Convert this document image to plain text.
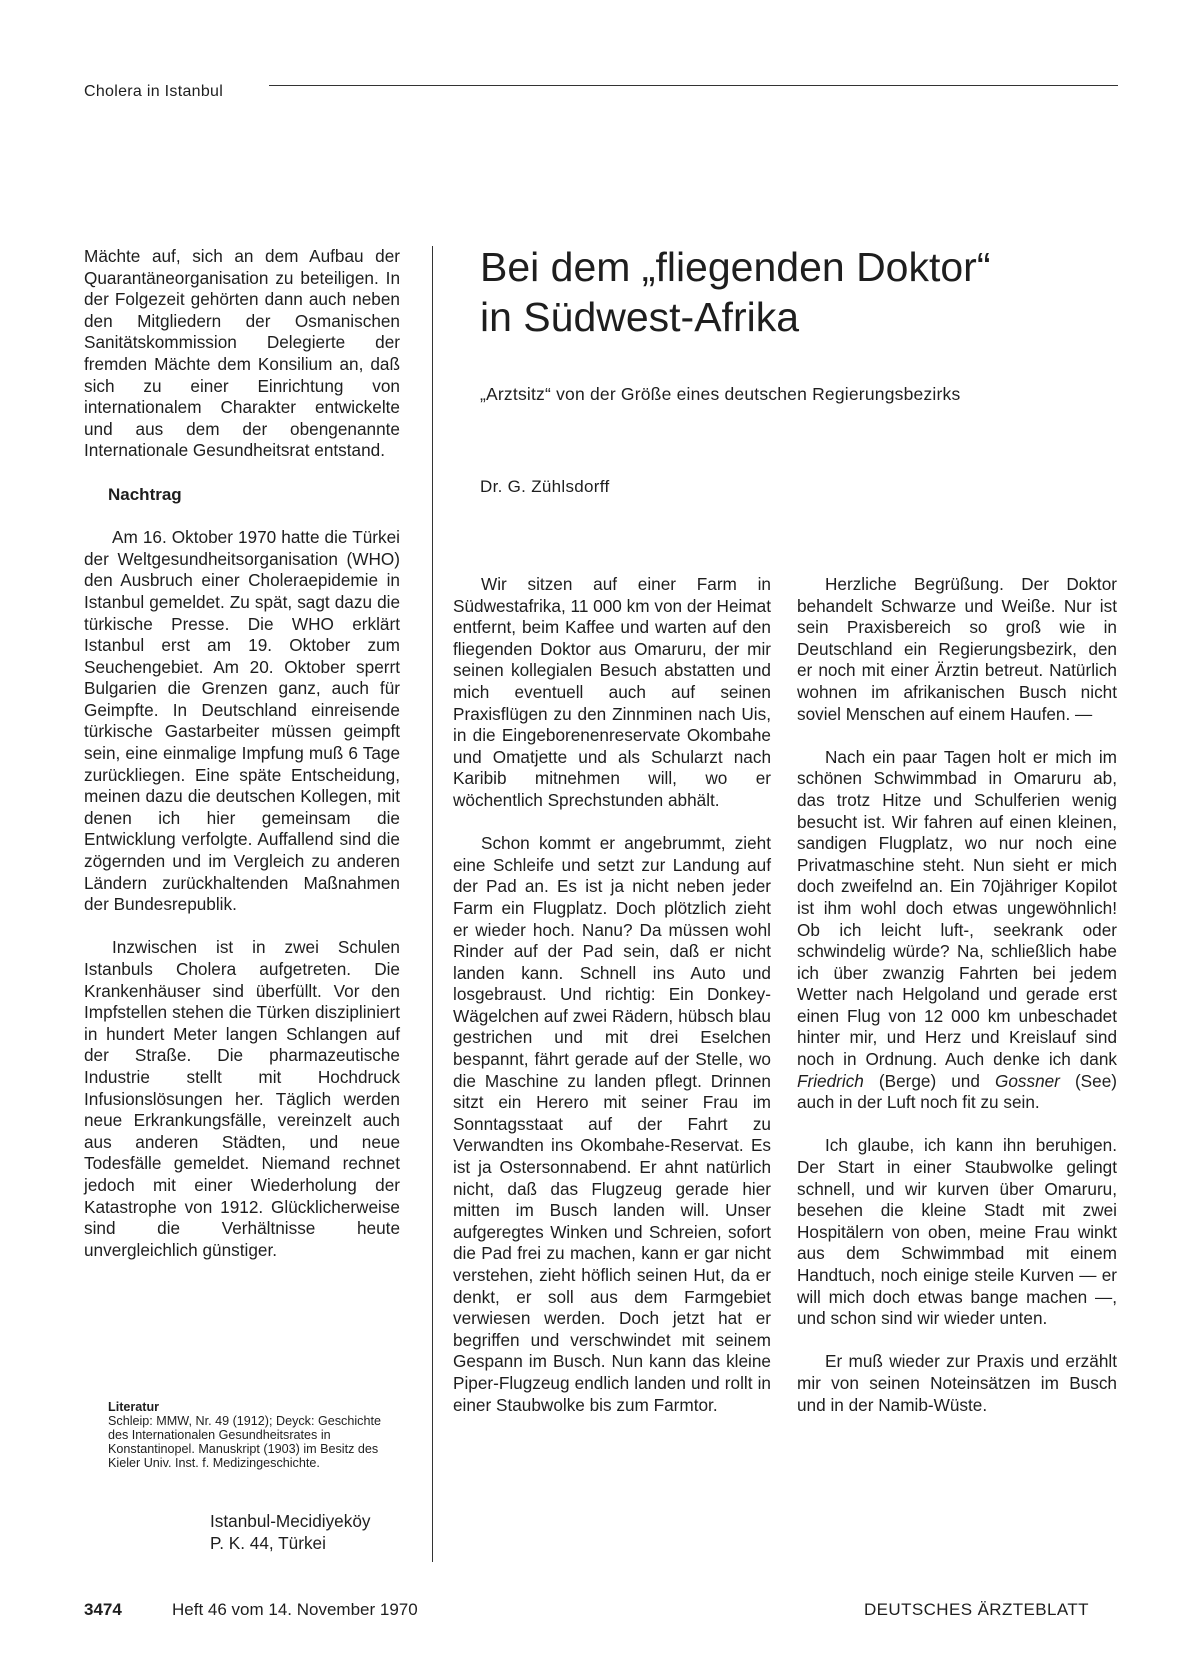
Cholera in Istanbul

Mächte auf, sich an dem Aufbau der Quarantäneorganisation zu beteiligen. In der Folgezeit gehörten dann auch neben den Mitgliedern der Osmanischen Sanitätskommission Delegierte der fremden Mächte dem Konsilium an, daß sich zu einer Einrichtung von internationalem Charakter entwickelte und aus dem der obengenannte Internationale Gesundheitsrat entstand.

Nachtrag

Am 16. Oktober 1970 hatte die Türkei der Weltgesundheitsorganisation (WHO) den Ausbruch einer Choleraepidemie in Istanbul gemeldet. Zu spät, sagt dazu die türkische Presse. Die WHO erklärt Istanbul erst am 19. Oktober zum Seuchengebiet. Am 20. Oktober sperrt Bulgarien die Grenzen ganz, auch für Geimpfte. In Deutschland einreisende türkische Gastarbeiter müssen geimpft sein, eine einmalige Impfung muß 6 Tage zurückliegen. Eine späte Entscheidung, meinen dazu die deutschen Kollegen, mit denen ich hier gemeinsam die Entwicklung verfolgte. Auffallend sind die zögernden und im Vergleich zu anderen Ländern zurückhaltenden Maßnahmen der Bundesrepublik.

Inzwischen ist in zwei Schulen Istanbuls Cholera aufgetreten. Die Krankenhäuser sind überfüllt. Vor den Impfstellen stehen die Türken diszipliniert in hundert Meter langen Schlangen auf der Straße. Die pharmazeutische Industrie stellt mit Hochdruck Infusionslösungen her. Täglich werden neue Erkrankungsfälle, vereinzelt auch aus anderen Städten, und neue Todesfälle gemeldet. Niemand rechnet jedoch mit einer Wiederholung der Katastrophe von 1912. Glücklicherweise sind die Verhältnisse heute unvergleichlich günstiger.

Literatur
Schleip: MMW, Nr. 49 (1912); Deyck: Geschichte des Internationalen Gesundheitsrates in Konstantinopel. Manuskript (1903) im Besitz des Kieler Univ. Inst. f. Medizingeschichte.
Istanbul-Mecidiyeköy
P. K. 44, Türkei
Bei dem „fliegenden Doktor“
in Südwest-Afrika
„Arztsitz“ von der Größe eines deutschen Regierungsbezirks
Dr. G. Zühlsdorff

Wir sitzen auf einer Farm in Südwestafrika, 11 000 km von der Heimat entfernt, beim Kaffee und warten auf den fliegenden Doktor aus Omaruru, der mir seinen kollegialen Besuch abstatten und mich eventuell auch auf seinen Praxisflügen zu den Zinnminen nach Uis, in die Eingeborenenreservate Okombahe und Omatjette und als Schularzt nach Karibib mitnehmen will, wo er wöchentlich Sprechstunden abhält.

Schon kommt er angebrummt, zieht eine Schleife und setzt zur Landung auf der Pad an. Es ist ja nicht neben jeder Farm ein Flugplatz. Doch plötzlich zieht er wieder hoch. Nanu? Da müssen wohl Rinder auf der Pad sein, daß er nicht landen kann. Schnell ins Auto und losgebraust. Und richtig: Ein Donkey-Wägelchen auf zwei Rädern, hübsch blau gestrichen und mit drei Eselchen bespannt, fährt gerade auf der Stelle, wo die Maschine zu landen pflegt. Drinnen sitzt ein Herero mit seiner Frau im Sonntagsstaat auf der Fahrt zu Verwandten ins Okombahe-Reservat. Es ist ja Ostersonnabend. Er ahnt natürlich nicht, daß das Flugzeug gerade hier mitten im Busch landen will. Unser aufgeregtes Winken und Schreien, sofort die Pad frei zu machen, kann er gar nicht verstehen, zieht höflich seinen Hut, da er denkt, er soll aus dem Farmgebiet verwiesen werden. Doch jetzt hat er begriffen und verschwindet mit seinem Gespann im Busch. Nun kann das kleine Piper-Flugzeug endlich landen und rollt in einer Staubwolke bis zum Farmtor.

Herzliche Begrüßung. Der Doktor behandelt Schwarze und Weiße. Nur ist sein Praxisbereich so groß wie in Deutschland ein Regierungsbezirk, den er noch mit einer Ärztin betreut. Natürlich wohnen im afrikanischen Busch nicht soviel Menschen auf einem Haufen. —

Nach ein paar Tagen holt er mich im schönen Schwimmbad in Omaruru ab, das trotz Hitze und Schulferien wenig besucht ist. Wir fahren auf einen kleinen, sandigen Flugplatz, wo nur noch eine Privatmaschine steht. Nun sieht er mich doch zweifelnd an. Ein 70jähriger Kopilot ist ihm wohl doch etwas ungewöhnlich! Ob ich leicht luft-, seekrank oder schwindelig würde? Na, schließlich habe ich über zwanzig Fahrten bei jedem Wetter nach Helgoland und gerade erst einen Flug von 12 000 km unbeschadet hinter mir, und Herz und Kreislauf sind noch in Ordnung. Auch denke ich dank Friedrich (Berge) und Gossner (See) auch in der Luft noch fit zu sein.

Ich glaube, ich kann ihn beruhigen. Der Start in einer Staubwolke gelingt schnell, und wir kurven über Omaruru, besehen die kleine Stadt mit zwei Hospitälern von oben, meine Frau winkt aus dem Schwimmbad mit einem Handtuch, noch einige steile Kurven — er will mich doch etwas bange machen —, und schon sind wir wieder unten.

Er muß wieder zur Praxis und erzählt mir von seinen Noteinsätzen im Busch und in der Namib-Wüste.

3474	Heft 46 vom 14. November 1970	DEUTSCHES ÄRZTEBLATT
